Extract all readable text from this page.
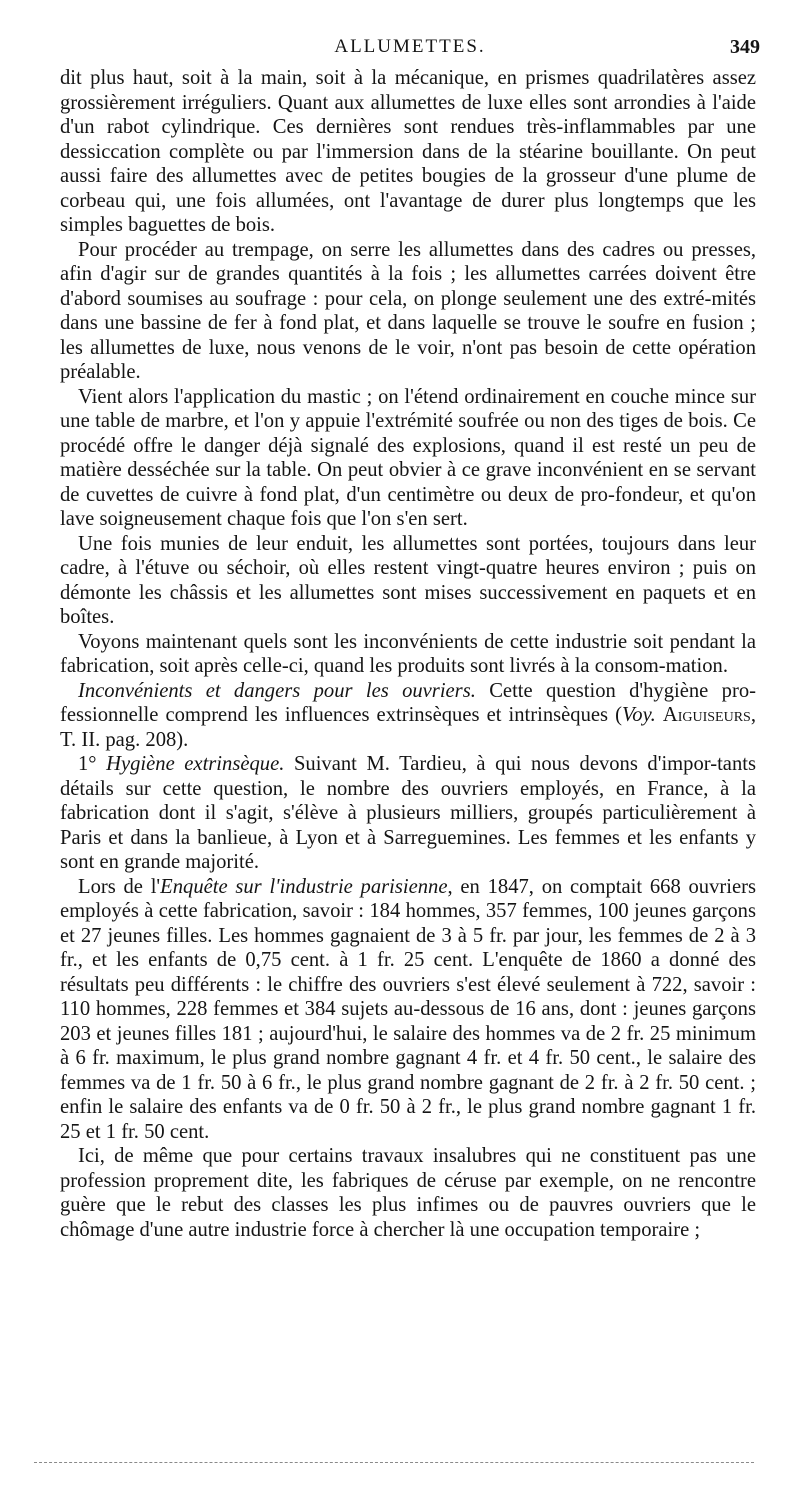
ALLUMETTES.	349

dit plus haut, soit à la main, soit à la mécanique, en prismes quadrilatères assez grossièrement irréguliers. Quant aux allumettes de luxe elles sont arrondies à l'aide d'un rabot cylindrique. Ces dernières sont rendues très-inflammables par une dessiccation complète ou par l'immersion dans de la stéarine bouillante. On peut aussi faire des allumettes avec de petites bougies de la grosseur d'une plume de corbeau qui, une fois allumées, ont l'avantage de durer plus longtemps que les simples baguettes de bois.

Pour procéder au trempage, on serre les allumettes dans des cadres ou presses, afin d'agir sur de grandes quantités à la fois ; les allumettes carrées doivent être d'abord soumises au soufrage : pour cela, on plonge seulement une des extré-mités dans une bassine de fer à fond plat, et dans laquelle se trouve le soufre en fusion ; les allumettes de luxe, nous venons de le voir, n'ont pas besoin de cette opération préalable.

Vient alors l'application du mastic ; on l'étend ordinairement en couche mince sur une table de marbre, et l'on y appuie l'extrémité soufrée ou non des tiges de bois. Ce procédé offre le danger déjà signalé des explosions, quand il est resté un peu de matière desséchée sur la table. On peut obvier à ce grave inconvénient en se servant de cuvettes de cuivre à fond plat, d'un centimètre ou deux de pro-fondeur, et qu'on lave soigneusement chaque fois que l'on s'en sert.

Une fois munies de leur enduit, les allumettes sont portées, toujours dans leur cadre, à l'étuve ou séchoir, où elles restent vingt-quatre heures environ ; puis on démonte les châssis et les allumettes sont mises successivement en paquets et en boîtes.

Voyons maintenant quels sont les inconvénients de cette industrie soit pendant la fabrication, soit après celle-ci, quand les produits sont livrés à la consom-mation.

Inconvénients et dangers pour les ouvriers. Cette question d'hygiène pro-fessionnelle comprend les influences extrinsèques et intrinsèques (Voy. Aiguiseurs, T. II. pag. 208).

1° Hygiène extrinsèque. Suivant M. Tardieu, à qui nous devons d'impor-tants détails sur cette question, le nombre des ouvriers employés, en France, à la fabrication dont il s'agit, s'élève à plusieurs milliers, groupés particulièrement à Paris et dans la banlieue, à Lyon et à Sarreguemines. Les femmes et les enfants y sont en grande majorité.

Lors de l'Enquête sur l'industrie parisienne, en 1847, on comptait 668 ouvriers employés à cette fabrication, savoir : 184 hommes, 357 femmes, 100 jeunes garçons et 27 jeunes filles. Les hommes gagnaient de 3 à 5 fr. par jour, les femmes de 2 à 3 fr., et les enfants de 0,75 cent. à 1 fr. 25 cent. L'enquête de 1860 a donné des résultats peu différents : le chiffre des ouvriers s'est élevé seulement à 722, savoir : 110 hommes, 228 femmes et 384 sujets au-dessous de 16 ans, dont : jeunes garçons 203 et jeunes filles 181 ; aujourd'hui, le salaire des hommes va de 2 fr. 25 minimum à 6 fr. maximum, le plus grand nombre gagnant 4 fr. et 4 fr. 50 cent., le salaire des femmes va de 1 fr. 50 à 6 fr., le plus grand nombre gagnant de 2 fr. à 2 fr. 50 cent. ; enfin le salaire des enfants va de 0 fr. 50 à 2 fr., le plus grand nombre gagnant 1 fr. 25 et 1 fr. 50 cent.

Ici, de même que pour certains travaux insalubres qui ne constituent pas une profession proprement dite, les fabriques de céruse par exemple, on ne rencontre guère que le rebut des classes les plus infimes ou de pauvres ouvriers que le chômage d'une autre industrie force à chercher là une occupation temporaire ;
